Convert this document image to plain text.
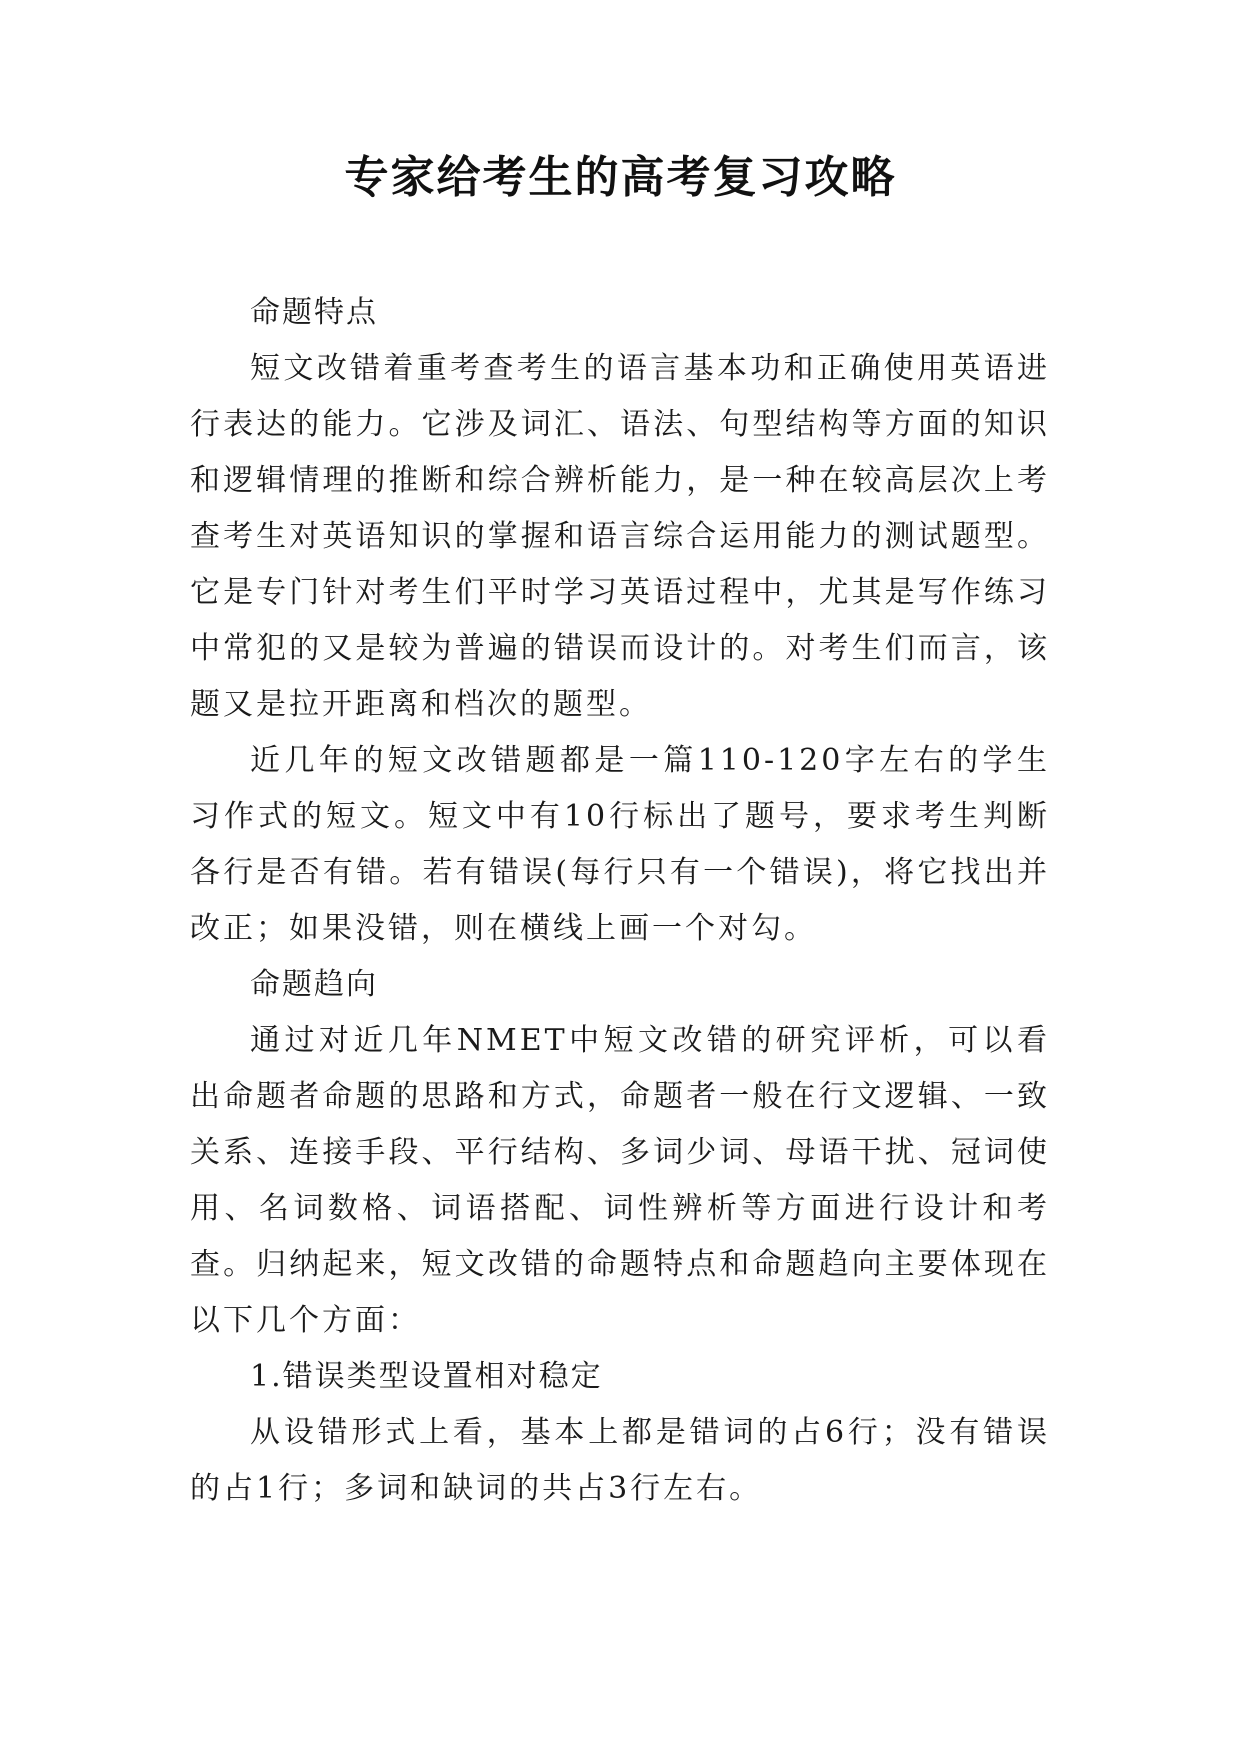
专家给考生的高考复习攻略

命题特点

短文改错着重考查考生的语言基本功和正确使用英语进行表达的能力。它涉及词汇、语法、句型结构等方面的知识和逻辑情理的推断和综合辨析能力，是一种在较高层次上考查考生对英语知识的掌握和语言综合运用能力的测试题型。它是专门针对考生们平时学习英语过程中，尤其是写作练习中常犯的又是较为普遍的错误而设计的。对考生们而言，该题又是拉开距离和档次的题型。

近几年的短文改错题都是一篇110-120字左右的学生习作式的短文。短文中有10行标出了题号，要求考生判断各行是否有错。若有错误(每行只有一个错误)，将它找出并改正；如果没错，则在横线上画一个对勾。

命题趋向

通过对近几年NMET中短文改错的研究评析，可以看出命题者命题的思路和方式，命题者一般在行文逻辑、一致关系、连接手段、平行结构、多词少词、母语干扰、冠词使用、名词数格、词语搭配、词性辨析等方面进行设计和考查。归纳起来，短文改错的命题特点和命题趋向主要体现在以下几个方面：

1.错误类型设置相对稳定

从设错形式上看，基本上都是错词的占6行；没有错误的占1行；多词和缺词的共占3行左右。
